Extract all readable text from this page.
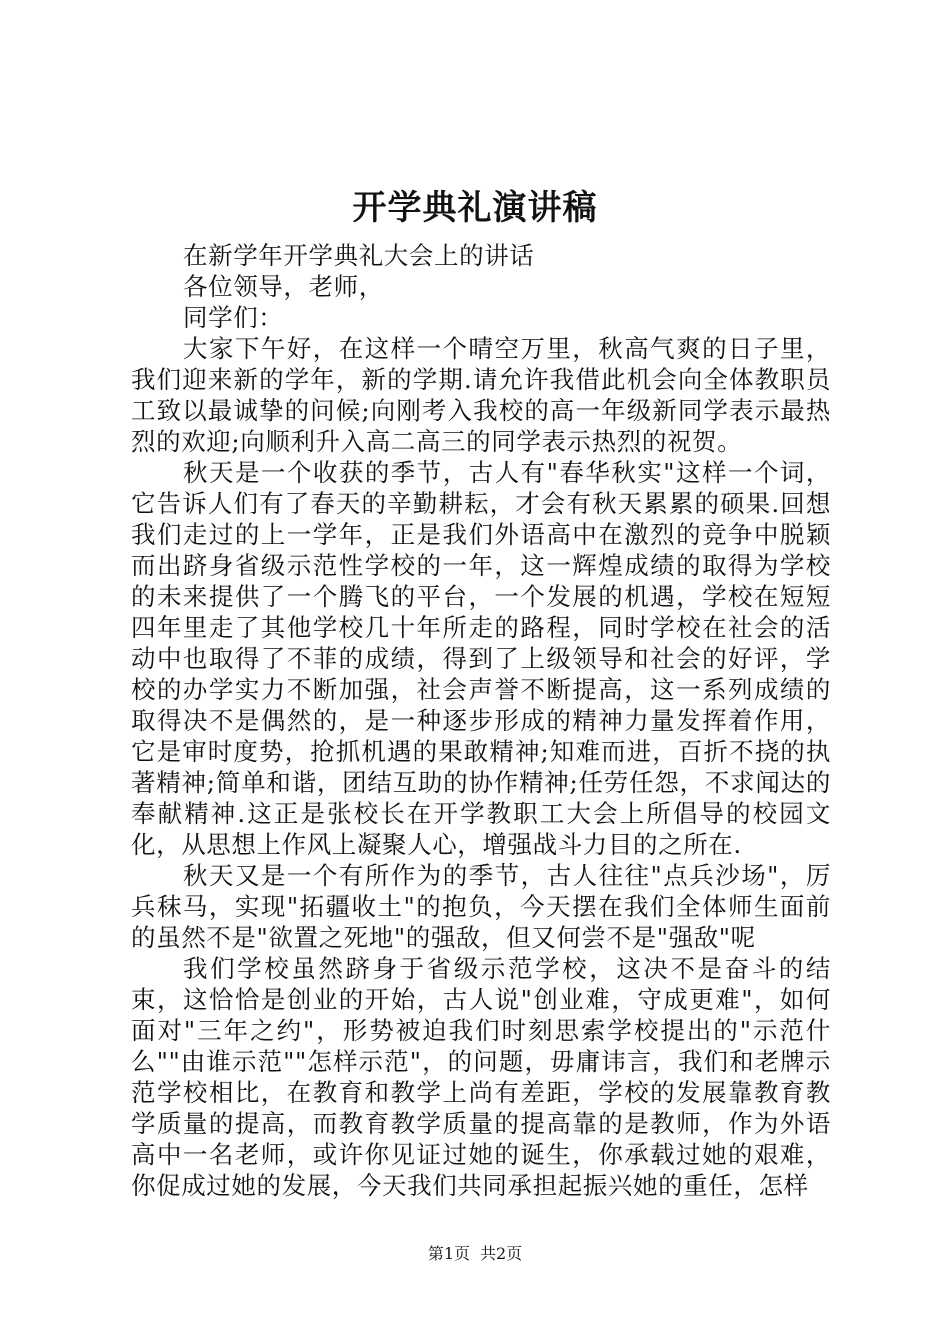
开学典礼演讲稿

在新学年开学典礼大会上的讲话

各位领导，老师，

同学们：

大家下午好，在这样一个晴空万里，秋高气爽的日子里，我们迎来新的学年，新的学期.请允许我借此机会向全体教职员工致以最诚挚的问候;向刚考入我校的高一年级新同学表示最热烈的欢迎;向顺利升入高二高三的同学表示热烈的祝贺。

秋天是一个收获的季节，古人有"春华秋实"这样一个词，它告诉人们有了春天的辛勤耕耘，才会有秋天累累的硕果.回想我们走过的上一学年，正是我们外语高中在激烈的竞争中脱颖而出跻身省级示范性学校的一年，这一辉煌成绩的取得为学校的未来提供了一个腾飞的平台，一个发展的机遇，学校在短短四年里走了其他学校几十年所走的路程，同时学校在社会的活动中也取得了不菲的成绩，得到了上级领导和社会的好评，学校的办学实力不断加强，社会声誉不断提高，这一系列成绩的取得决不是偶然的，是一种逐步形成的精神力量发挥着作用，它是审时度势，抢抓机遇的果敢精神;知难而进，百折不挠的执著精神;简单和谐，团结互助的协作精神;任劳任怨，不求闻达的奉献精神.这正是张校长在开学教职工大会上所倡导的校园文化，从思想上作风上凝聚人心，增强战斗力目的之所在.

秋天又是一个有所作为的季节，古人往往"点兵沙场"，厉兵秣马，实现"拓疆收土"的抱负，今天摆在我们全体师生面前的虽然不是"欲置之死地"的强敌，但又何尝不是"强敌"呢

我们学校虽然跻身于省级示范学校，这决不是奋斗的结束，这恰恰是创业的开始，古人说"创业难，守成更难"，如何面对"三年之约"，形势被迫我们时刻思索学校提出的"示范什么""由谁示范""怎样示范"，的问题，毋庸讳言，我们和老牌示范学校相比，在教育和教学上尚有差距，学校的发展靠教育教学质量的提高，而教育教学质量的提高靠的是教师，作为外语高中一名老师，或许你见证过她的诞生，你承载过她的艰难，你促成过她的发展，今天我们共同承担起振兴她的重任，怎样

第1页 共2页
